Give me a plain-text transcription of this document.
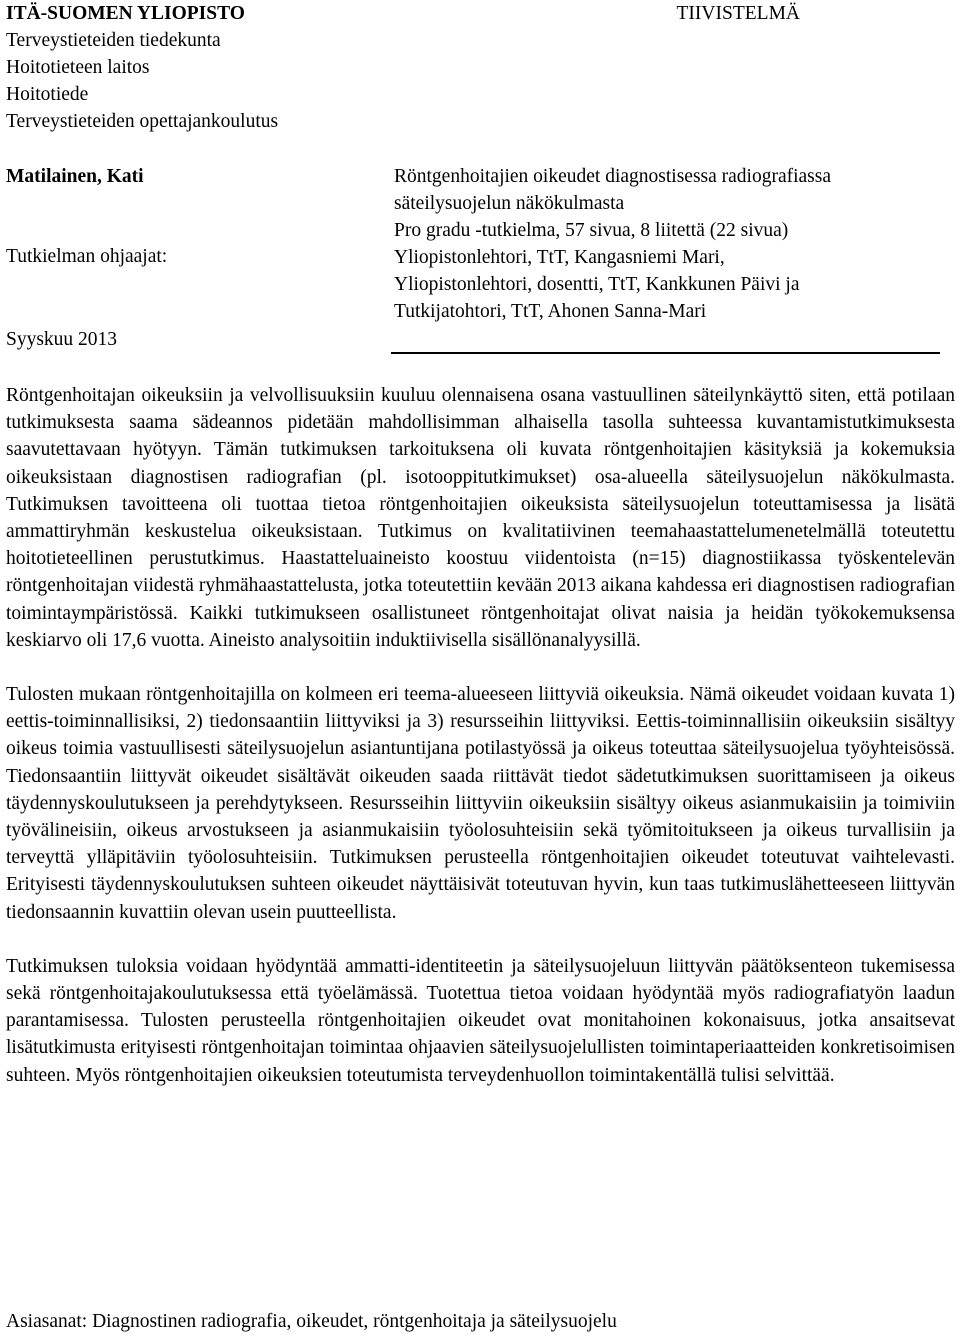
ITÄ-SUOMEN YLIOPISTO
Terveystieteiden tiedekunta
Hoitotieteen laitos
Hoitotiede
Terveystieteiden opettajankoulutus
TIIVISTELMÄ
Matilainen, Kati
Tutkielman ohjaajat:
Syyskuu 2013
Röntgenhoitajien oikeudet diagnostisessa radiografiassa
säteilysuojelun näkökulmasta
Pro gradu -tutkielma, 57 sivua, 8 liitettä (22 sivua)
Yliopistonlehtori, TtT, Kangasniemi Mari,
Yliopistonlehtori, dosentti, TtT, Kankkunen Päivi ja
Tutkijatohtori, TtT, Ahonen Sanna-Mari

Röntgenhoitajan oikeuksiin ja velvollisuuksiin kuuluu olennaisena osana vastuullinen säteilynkäyttö siten, että potilaan tutkimuksesta saama sädeannos pidetään mahdollisimman alhaisella tasolla suhteessa kuvantamistutkimuksesta saavutettavaan hyötyyn. Tämän tutkimuksen tarkoituksena oli kuvata röntgenhoitajien käsityksiä ja kokemuksia oikeuksistaan diagnostisen radiografian (pl. isotooppitutkimukset) osa-alueella säteilysuojelun näkökulmasta. Tutkimuksen tavoitteena oli tuottaa tietoa röntgenhoitajien oikeuksista säteilysuojelun toteuttamisessa ja lisätä ammattiryhmän keskustelua oikeuksistaan. Tutkimus on kvalitatiivinen teemahaastattelumenetelmällä toteutettu hoitotieteellinen perustutkimus. Haastatteluaineisto koostuu viidentoista (n=15) diagnostiikassa työskentelevän röntgenhoitajan viidestä ryhmähaastattelusta, jotka toteutettiin kevään 2013 aikana kahdessa eri diagnostisen radiografian toimintaympäristössä. Kaikki tutkimukseen osallistuneet röntgenhoitajat olivat naisia ja heidän työkokemuksensa keskiarvo oli 17,6 vuotta. Aineisto analysoitiin induktiivisella sisällönanalyysillä.

Tulosten mukaan röntgenhoitajilla on kolmeen eri teema-alueeseen liittyviä oikeuksia. Nämä oikeudet voidaan kuvata 1) eettis-toiminnallisiksi, 2) tiedonsaantiin liittyviksi ja 3) resursseihin liittyviksi. Eettis-toiminnallisiin oikeuksiin sisältyy oikeus toimia vastuullisesti säteilysuojelun asiantuntijana potilastyössä ja oikeus toteuttaa säteilysuojelua työyhteisössä. Tiedonsaantiin liittyvät oikeudet sisältävät oikeuden saada riittävät tiedot sädetutkimuksen suorittamiseen ja oikeus täydennyskoulutukseen ja perehdytykseen. Resursseihin liittyviin oikeuksiin sisältyy oikeus asianmukaisiin ja toimiviin työvälineisiin, oikeus arvostukseen ja asianmukaisiin työolosuhteisiin sekä työmitoitukseen ja oikeus turvallisiin ja terveyttä ylläpitäviin työolosuhteisiin. Tutkimuksen perusteella röntgenhoitajien oikeudet toteutuvat vaihtelevasti. Erityisesti täydennyskoulutuksen suhteen oikeudet näyttäisivät toteutuvan hyvin, kun taas tutkimuslähetteeseen liittyvän tiedonsaannin kuvattiin olevan usein puutteellista.

Tutkimuksen tuloksia voidaan hyödyntää ammatti-identiteetin ja säteilysuojeluun liittyvän päätöksenteon tukemisessa sekä röntgenhoitajakoulutuksessa että työelämässä. Tuotettua tietoa voidaan hyödyntää myös radiografiatyön laadun parantamisessa. Tulosten perusteella röntgenhoitajien oikeudet ovat monitahoinen kokonaisuus, jotka ansaitsevat lisätutkimusta erityisesti röntgenhoitajan toimintaa ohjaavien säteilysuojelullisten toimintaperiaatteiden konkretisoimisen suhteen. Myös röntgenhoitajien oikeuksien toteutumista terveydenhuollon toimintakentällä tulisi selvittää.

Asiasanat: Diagnostinen radiografia, oikeudet, röntgenhoitaja ja säteilysuojelu
